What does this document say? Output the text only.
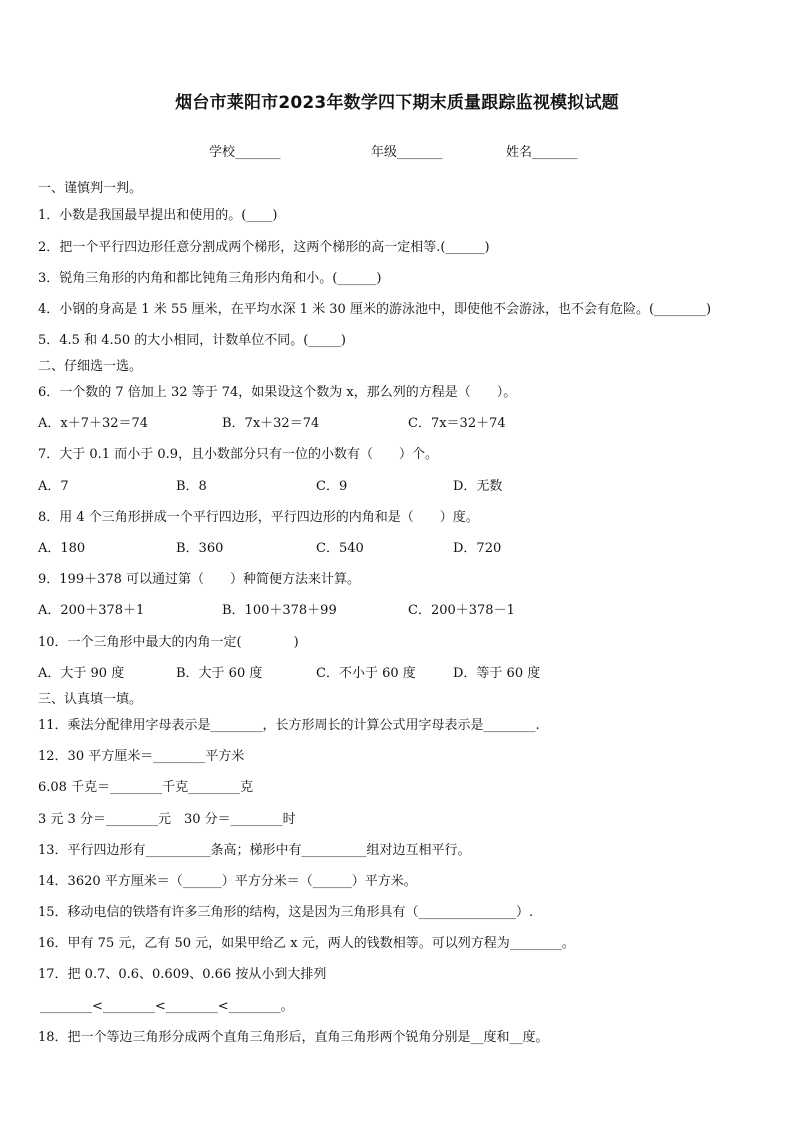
烟台市莱阳市2023年数学四下期末质量跟踪监视模拟试题
学校_______	年级_______	姓名_______
一、谨慎判一判。
1．小数是我国最早提出和使用的。(____)
2．把一个平行四边形任意分割成两个梯形，这两个梯形的高一定相等.(______)
3．锐角三角形的内角和都比钝角三角形内角和小。(______)
4．小钢的身高是 1 米 55 厘米，在平均水深 1 米 30 厘米的游泳池中，即使他不会游泳，也不会有危险。(________)
5．4.5 和 4.50 的大小相同，计数单位不同。(_____)
二、仔细选一选。
6．一个数的 7 倍加上 32 等于 74，如果设这个数为 x，那么列的方程是（　　）。
A．x＋7＋32＝74	B．7x＋32＝74	C．7x＝32＋74
7．大于 0.1 而小于 0.9，且小数部分只有一位的小数有（　　）个。
A．7	B．8	C．9	D．无数
8．用 4 个三角形拼成一个平行四边形，平行四边形的内角和是（　　）度。
A．180	B．360	C．540	D．720
9．199＋378 可以通过第（　　）种简便方法来计算。
A．200＋378＋1	B．100＋378＋99	C．200＋378－1
10．一个三角形中最大的内角一定(　　　　)
A．大于 90 度	B．大于 60 度	C．不小于 60 度	D．等于 60 度
三、认真填一填。
11．乘法分配律用字母表示是________，长方形周长的计算公式用字母表示是________.
12．30 平方厘米＝________平方米
6.08 千克＝________千克________克
3 元 3 分＝________元　30 分＝________时
13．平行四边形有__________条高；梯形中有__________组对边互相平行。
14．3620 平方厘米＝（______）平方分米＝（______）平方米。
15．移动电信的铁塔有许多三角形的结构，这是因为三角形具有（_______________）.
16．甲有 75 元，乙有 50 元，如果甲给乙 x 元，两人的钱数相等。可以列方程为________。
17．把 0.7、0.6、0.609、0.66 按从小到大排列
________<________<________<________。
18．把一个等边三角形分成两个直角三角形后，直角三角形两个锐角分别是__度和__度。
